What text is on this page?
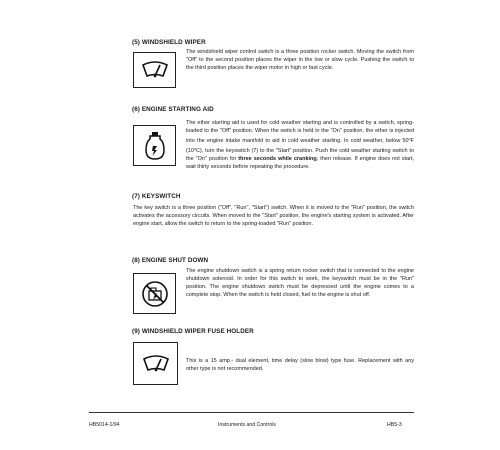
(5) WINDSHIELD WIPER
The windshield wiper control switch is a three position rocker switch. Moving the switch from "Off" to the second position places the wiper in the low or slow cycle. Pushing the switch to the third position places the wiper motor in high or fast cycle.
(6) ENGINE STARTING AID
The ether starting aid is used for cold weather starting and is controlled by a switch, spring-loaded to the "Off" position. When the switch is held in the "On" position, the ether is injected into the engine intake manifold to aid in cold weather starting. In cold weather, below 50$^o$F (10$^o$C), turn the keyswitch (7) to the "Start" position. Push the cold weather starting switch to the "On" position for three seconds while cranking, then release. If engine does not start, wait thirty seconds before repeating the procedure.
(7) KEYSWITCH
The key switch is a three position ("Off", "Run", "Start") switch. When it is moved to the "Run" position, the switch activates the accessory circuits. When moved to the "Start" position, the engine's starting system is activated. After engine start, allow the switch to return to the spring-loaded "Run" position.
(8) ENGINE SHUT DOWN
The engine shutdown switch is a spring return rocker switch that is connected to the engine shutdown solenoid. In order for this switch to work, the keyswitch must be in the "Run" position. The engine shutdown switch must be depressed until the engine comes to a complete stop. When the switch is held closed, fuel to the engine is shut off.
(9) WINDSHIELD WIPER FUSE HOLDER
This is a 15 amp.- dual element, time delay (slow blow) type fuse. Replacement with any other type is not recommended.
HB5014-1/94	Instruments and Controls	HB5-3
